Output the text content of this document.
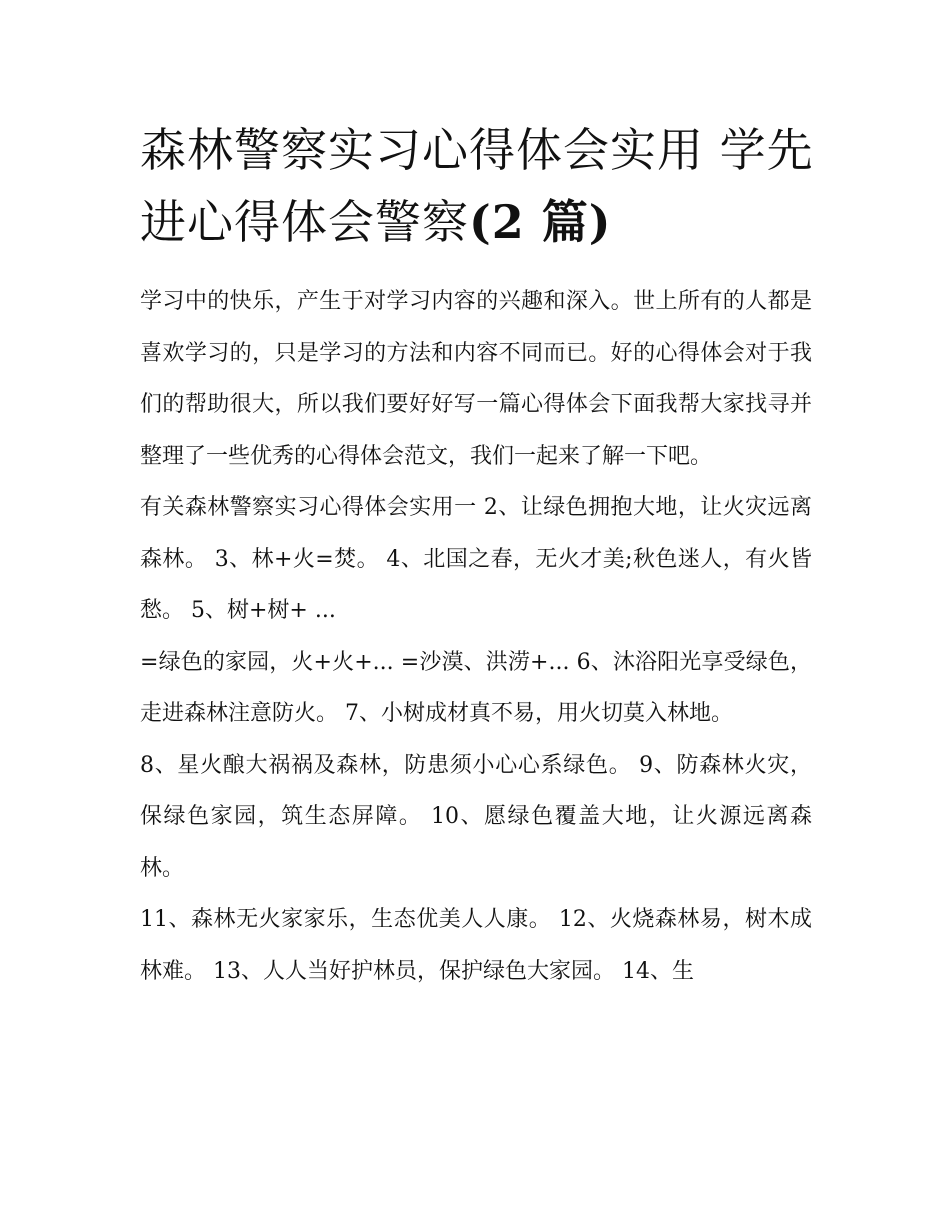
森林警察实习心得体会实用 学先进心得体会警察(2 篇)

学习中的快乐，产生于对学习内容的兴趣和深入。世上所有的人都是喜欢学习的，只是学习的方法和内容不同而已。好的心得体会对于我们的帮助很大，所以我们要好好写一篇心得体会下面我帮大家找寻并整理了一些优秀的心得体会范文，我们一起来了解一下吧。

有关森林警察实习心得体会实用一 2、让绿色拥抱大地，让火灾远离森林。 3、林+火=焚。 4、北国之春，无火才美;秋色迷人，有火皆愁。 5、树+树+ ...

=绿色的家园，火+火+... =沙漠、洪涝+... 6、沐浴阳光享受绿色，走进森林注意防火。 7、小树成材真不易，用火切莫入林地。

8、星火酿大祸祸及森林，防患须小心心系绿色。 9、防森林火灾，保绿色家园，筑生态屏障。 10、愿绿色覆盖大地，让火源远离森林。

11、森林无火家家乐，生态优美人人康。 12、火烧森林易，树木成林难。 13、人人当好护林员，保护绿色大家园。 14、生
